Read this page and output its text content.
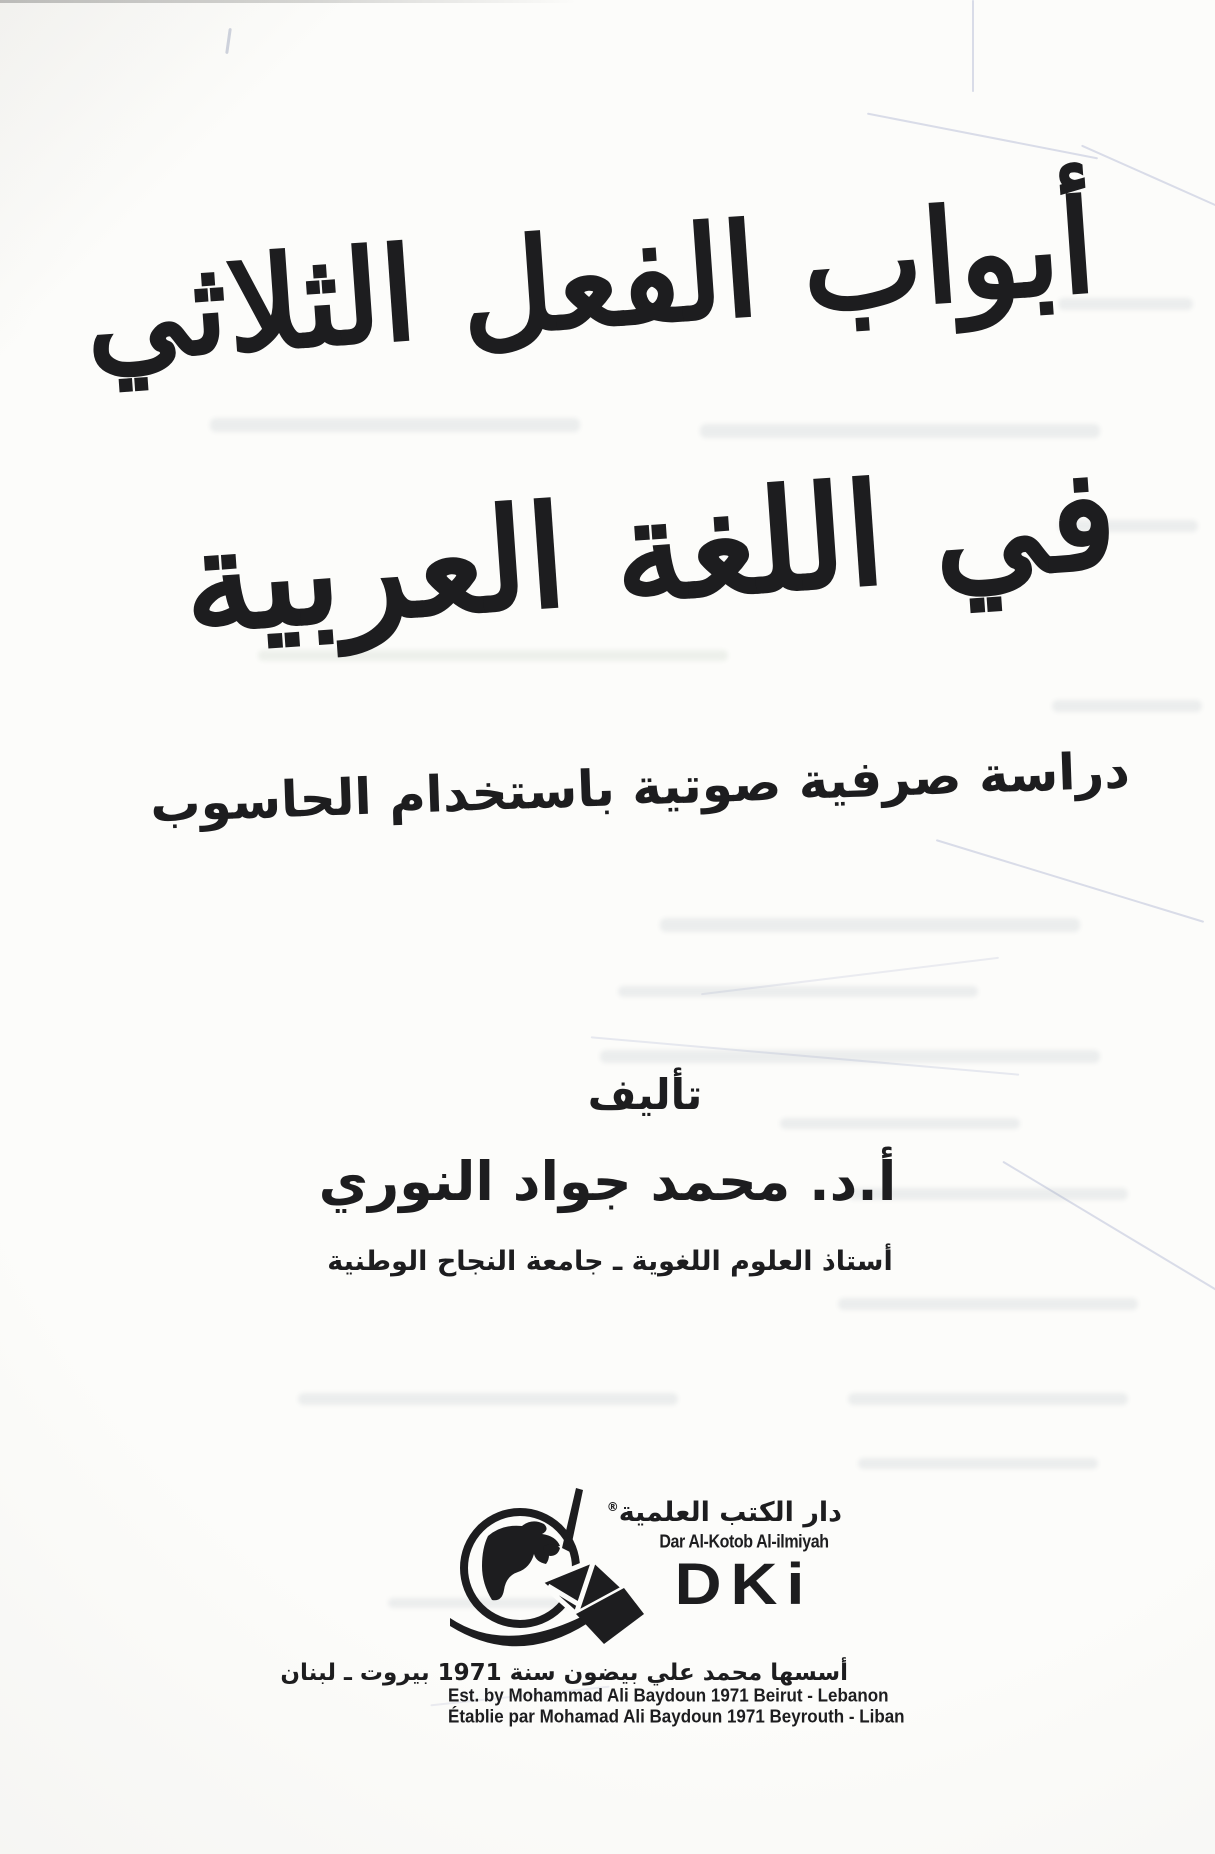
أبواب الفعل الثلاثي
في اللغة العربية
دراسة صرفية صوتية باستخدام الحاسوب
تأليف
أ.د. محمد جواد النوري
أستاذ العلوم اللغوية ـ جامعة النجاح الوطنية
دار الكتب العلمية®
Dar Al-Kotob Al-ilmiyah
DKi
أسسها محمد علي بيضون سنة 1971 بيروت ـ لبنان
Est. by Mohammad Ali Baydoun 1971 Beirut - Lebanon
Établie par Mohamad Ali Baydoun 1971 Beyrouth - Liban
